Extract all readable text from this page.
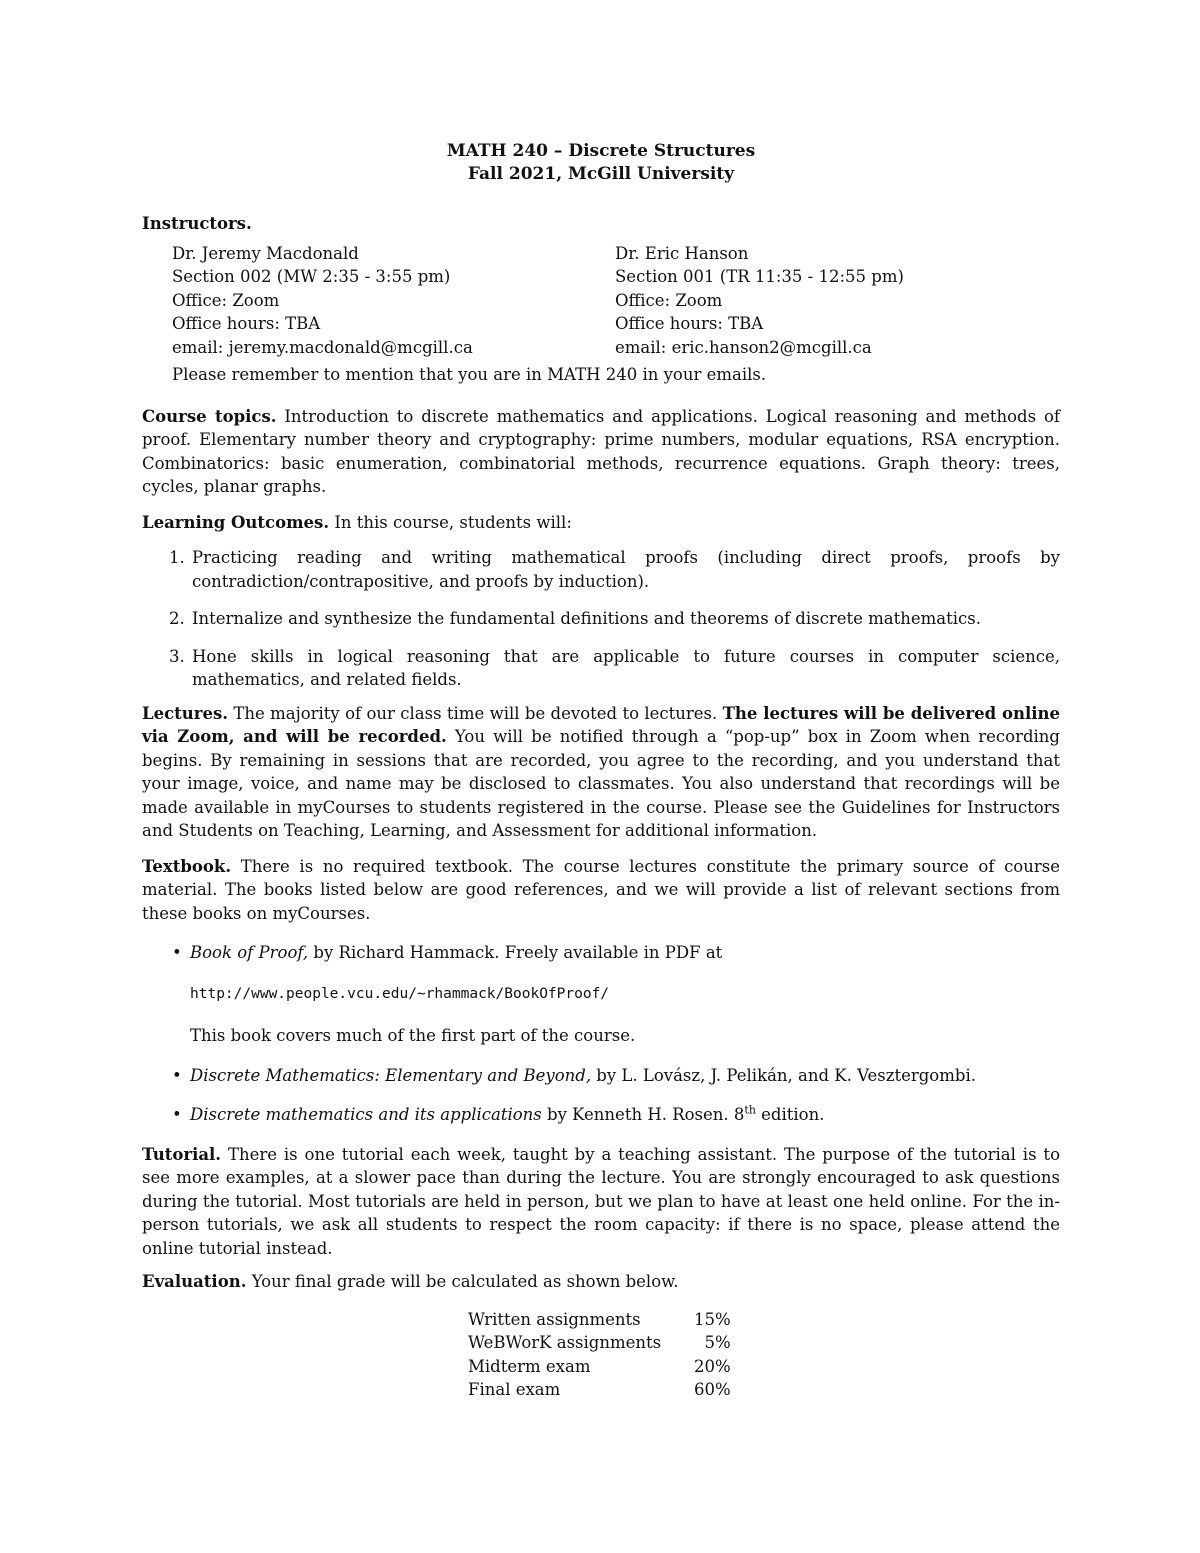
MATH 240 – Discrete Structures
Fall 2021, McGill University
Instructors.
Dr. Jeremy Macdonald
Section 002 (MW 2:35 - 3:55 pm)
Office: Zoom
Office hours: TBA
email: jeremy.macdonald@mcgill.ca
Dr. Eric Hanson
Section 001 (TR 11:35 - 12:55 pm)
Office: Zoom
Office hours: TBA
email: eric.hanson2@mcgill.ca
Please remember to mention that you are in MATH 240 in your emails.

Course topics. Introduction to discrete mathematics and applications. Logical reasoning and methods of proof. Elementary number theory and cryptography: prime numbers, modular equations, RSA encryption. Combinatorics: basic enumeration, combinatorial methods, recurrence equations. Graph theory: trees, cycles, planar graphs.

Learning Outcomes. In this course, students will:
1. Practicing reading and writing mathematical proofs (including direct proofs, proofs by contradiction/contrapositive, and proofs by induction).
2. Internalize and synthesize the fundamental definitions and theorems of discrete mathematics.
3. Hone skills in logical reasoning that are applicable to future courses in computer science, mathematics, and related fields.

Lectures. The majority of our class time will be devoted to lectures. The lectures will be delivered online via Zoom, and will be recorded. You will be notified through a “pop-up” box in Zoom when recording begins. By remaining in sessions that are recorded, you agree to the recording, and you understand that your image, voice, and name may be disclosed to classmates. You also understand that recordings will be made available in myCourses to students registered in the course. Please see the Guidelines for Instructors and Students on Teaching, Learning, and Assessment for additional information.

Textbook. There is no required textbook. The course lectures constitute the primary source of course material. The books listed below are good references, and we will provide a list of relevant sections from these books on myCourses.

• Book of Proof, by Richard Hammack. Freely available in PDF at
http://www.people.vcu.edu/~rhammack/BookOfProof/
This book covers much of the first part of the course.
• Discrete Mathematics: Elementary and Beyond, by L. Lovász, J. Pelikán, and K. Vesztergombi.
• Discrete mathematics and its applications by Kenneth H. Rosen. 8th edition.

Tutorial. There is one tutorial each week, taught by a teaching assistant. The purpose of the tutorial is to see more examples, at a slower pace than during the lecture. You are strongly encouraged to ask questions during the tutorial. Most tutorials are held in person, but we plan to have at least one held online. For the in-person tutorials, we ask all students to respect the room capacity: if there is no space, please attend the online tutorial instead.

Evaluation. Your final grade will be calculated as shown below.
Written assignments	15%
WeBWorK assignments	5%
Midterm exam	20%
Final exam	60%
